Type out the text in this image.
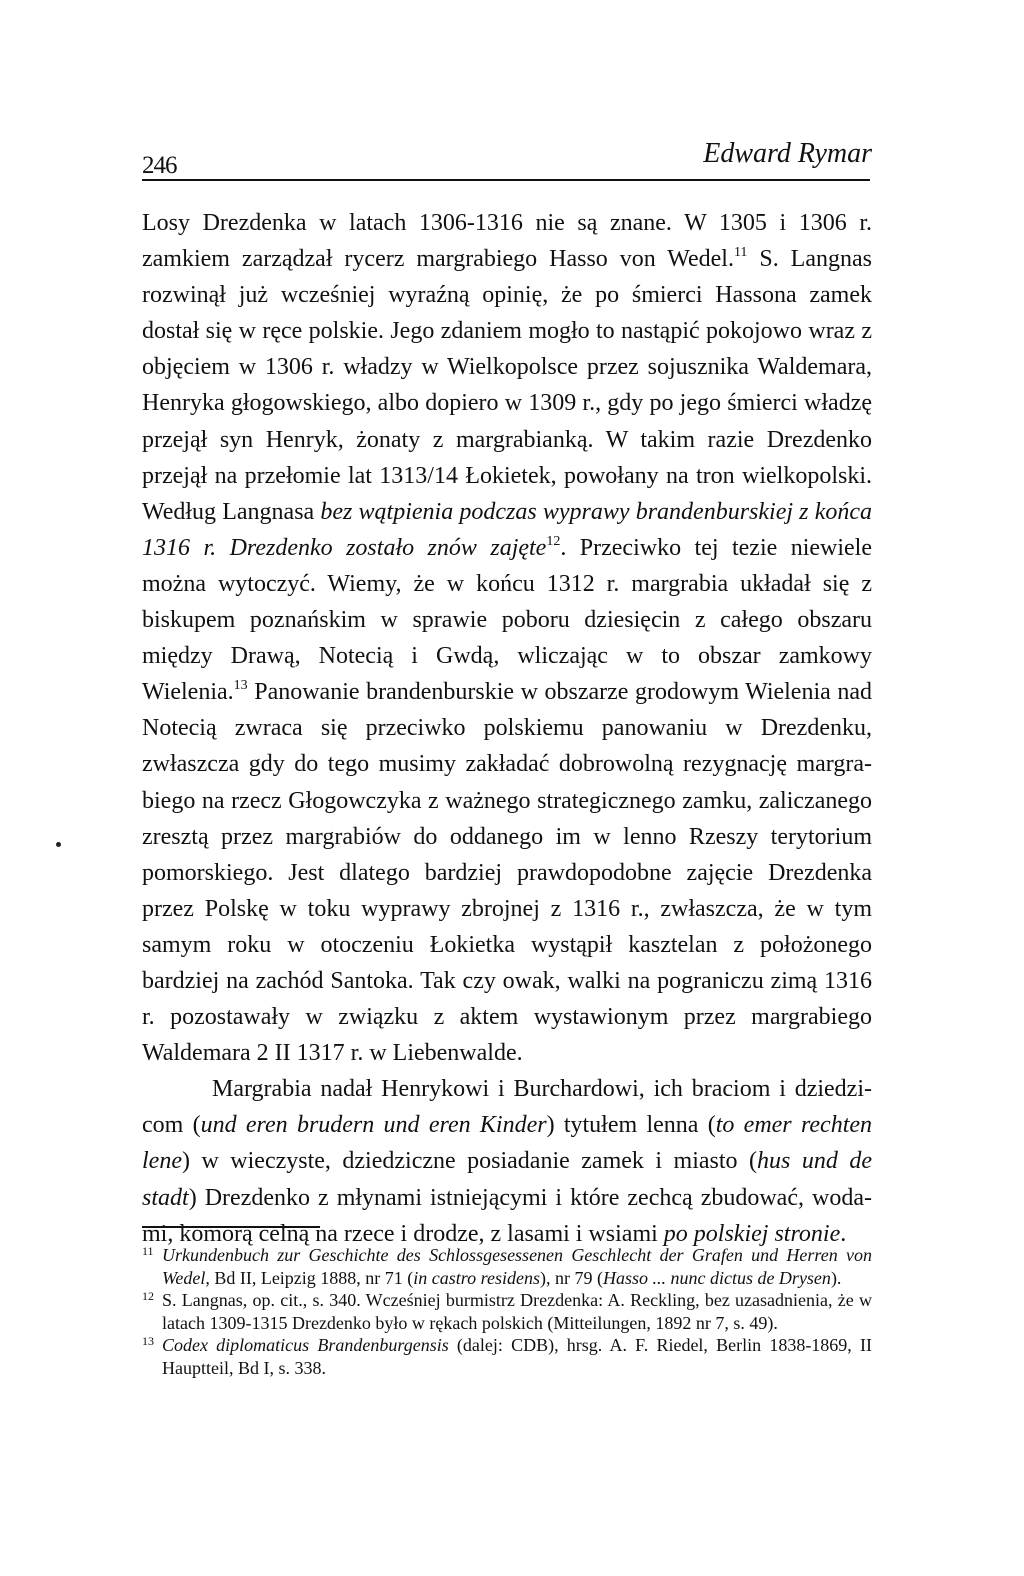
246	Edward Rymar

Losy Drezdenka w latach 1306-1316 nie są znane. W 1305 i 1306 r. zamkiem zarządzał rycerz margrabiego Hasso von Wedel.$^{11}$ S. Langnas rozwinął już wcześniej wyraźną opinię, że po śmierci Hassona zamek dostał się w ręce polskie. Jego zdaniem mogło to nastąpić pokojowo wraz z objęciem w 1306 r. władzy w Wielkopolsce przez sojusznika Waldemara, Henryka głogowskiego, albo dopiero w 1309 r., gdy po jego śmierci władzę przejął syn Henryk, żonaty z margrabianką. W takim razie Drezdenko przejął na przełomie lat 1313/14 Łokietek, powołany na tron wielkopolski. Według Langnasa bez wątpienia podczas wyprawy brandenburskiej z końca 1316 r. Drezdenko zostało znów zajęte$^{12}$. Przeciwko tej tezie niewiele można wytoczyć. Wiemy, że w końcu 1312 r. margrabia układał się z biskupem poznańskim w sprawie poboru dziesięcin z całego obszaru między Drawą, Notecią i Gwdą, wliczając w to obszar zamkowy Wielenia.$^{13}$ Panowanie brandenburskie w obszarze grodowym Wielenia nad Notecią zwraca się przeciwko polskiemu panowaniu w Drezdenku, zwłaszcza gdy do tego musimy zakładać dobrowolną rezygnację margrabiego na rzecz Głogowczyka z ważnego strategicznego zamku, zaliczanego zresztą przez margrabiów do oddanego im w lenno Rzeszy terytorium pomorskiego. Jest dlatego bardziej prawdopodobne zajęcie Drezdenka przez Polskę w toku wyprawy zbrojnej z 1316 r., zwłaszcza, że w tym samym roku w otoczeniu Łokietka wystąpił kasztelan z położonego bardziej na zachód Santoka. Tak czy owak, walki na pograniczu zimą 1316 r. pozostawały w związku z aktem wystawionym przez margrabiego Waldemara 2 II 1317 r. w Liebenwalde.

Margrabia nadał Henrykowi i Burchardowi, ich braciom i dziedzicom (und eren brudern und eren Kinder) tytułem lenna (to emer rechten lene) w wieczyste, dziedziczne posiadanie zamek i miasto (hus und de stadt) Drezdenko z młynami istniejącymi i które zechcą zbudować, wodami, komorą celną na rzece i drodze, z lasami i wsiami po polskiej stronie.

11 Urkundenbuch zur Geschichte des Schlossgesessenen Geschlecht der Grafen und Herren von Wedel, Bd II, Leipzig 1888, nr 71 (in castro residens), nr 79 (Hasso ... nunc dictus de Drysen).

12 S. Langnas, op. cit., s. 340. Wcześniej burmistrz Drezdenka: A. Reckling, bez uzasadnienia, że w latach 1309-1315 Drezdenko było w rękach polskich (Mitteilungen, 1892 nr 7, s. 49).

13 Codex diplomaticus Brandenburgensis (dalej: CDB), hrsg. A. F. Riedel, Berlin 1838-1869, II Hauptteil, Bd I, s. 338.
